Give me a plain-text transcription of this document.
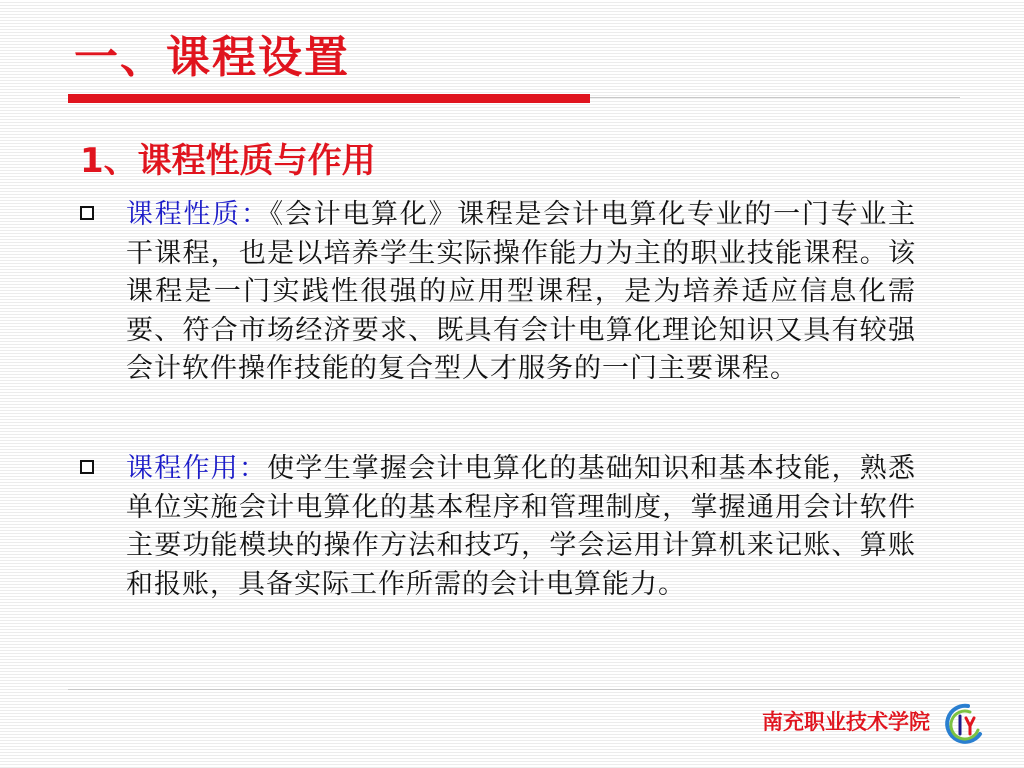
一、课程设置
1、课程性质与作用
课程性质：《会计电算化》课程是会计电算化专业的一门专业主干课程，也是以培养学生实际操作能力为主的职业技能课程。该课程是一门实践性很强的应用型课程，是为培养适应信息化需要、符合市场经济要求、既具有会计电算化理论知识又具有较强会计软件操作技能的复合型人才服务的一门主要课程。
课程作用：使学生掌握会计电算化的基础知识和基本技能，熟悉单位实施会计电算化的基本程序和管理制度，掌握通用会计软件主要功能模块的操作方法和技巧，学会运用计算机来记账、算账和报账，具备实际工作所需的会计电算能力。
南充职业技术学院
